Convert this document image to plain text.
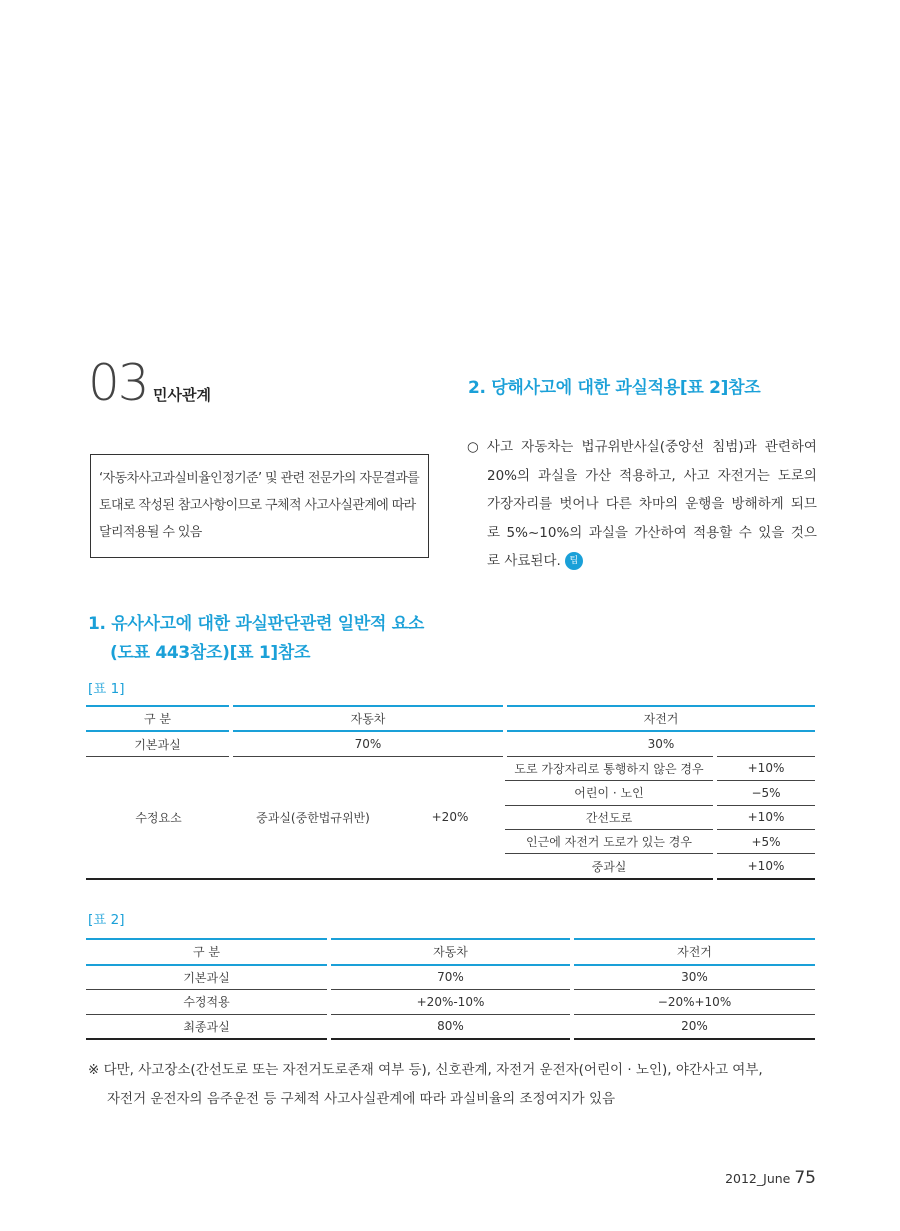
03 민사관계
‘자동차사고과실비율인정기준’ 및 관련 전문가의 자문결과를
토대로 작성된 참고사항이므로 구체적 사고사실관계에 따라
달리적용될 수 있음
2. 당해사고에 대한 과실적용[표 2]참조
○ 사고 자동차는 법규위반사실(중앙선 침범)과 관련하여
20%의 과실을 가산 적용하고, 사고 자전거는 도로의
가장자리를 벗어나 다른 차마의 운행을 방해하게 되므
로 5%~10%의 과실을 가산하여 적용할 수 있을 것으
로 사료된다. 팁
1. 유사사고에 대한 과실판단관련 일반적 요소
(도표 443참조)[표 1]참조
[표 1]
구 분	자동차		자전거	
기본과실	70%		30%	
수정요소	중과실(중한법규위반)	+20%	도로 가장자리로 통행하지 않은 경우	+10%
			어린이 · 노인	−5%
			간선도로	+10%
			인근에 자전거 도로가 있는 경우	+5%
			중과실	+10%
[표 2]
구 분	자동차	자전거
기본과실	70%	30%
수정적용	+20%-10%	−20%+10%
최종과실	80%	20%
※ 다만, 사고장소(간선도로 또는 자전거도로존재 여부 등), 신호관계, 자전거 운전자(어린이 · 노인), 야간사고 여부,
자전거 운전자의 음주운전 등 구체적 사고사실관계에 따라 과실비율의 조정여지가 있음
2012_June 75
